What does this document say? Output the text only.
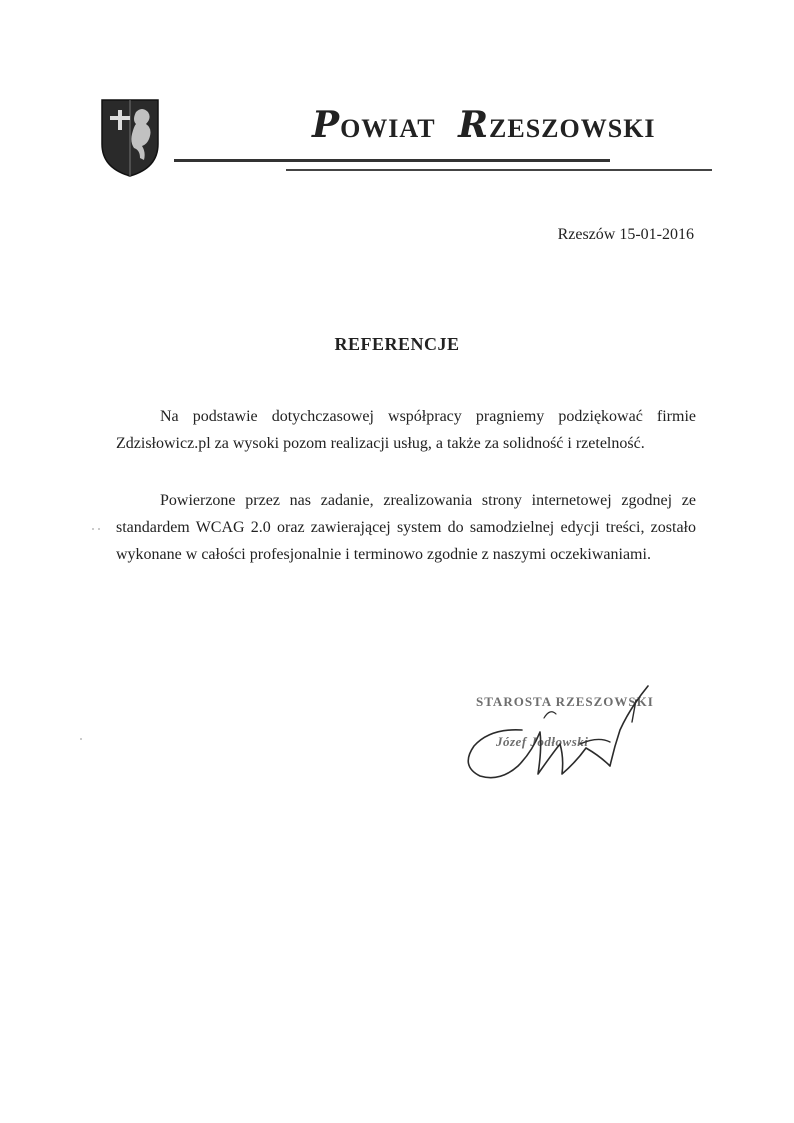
POWIAT RZESZOWSKI
Rzeszów 15-01-2016
REFERENCJE

Na podstawie dotychczasowej współpracy pragniemy podziękować firmie Zdzisłowicz.pl za wysoki pozom realizacji usług, a także za solidność i rzetelność.

Powierzone przez nas zadanie, zrealizowania strony internetowej zgodnej ze standardem WCAG 2.0 oraz zawierającej system do samodzielnej edycji treści, zostało wykonane w całości profesjonalnie i terminowo zgodnie z naszymi oczekiwaniami.

STAROSTA RZESZOWSKI
Józef Jodłowski
